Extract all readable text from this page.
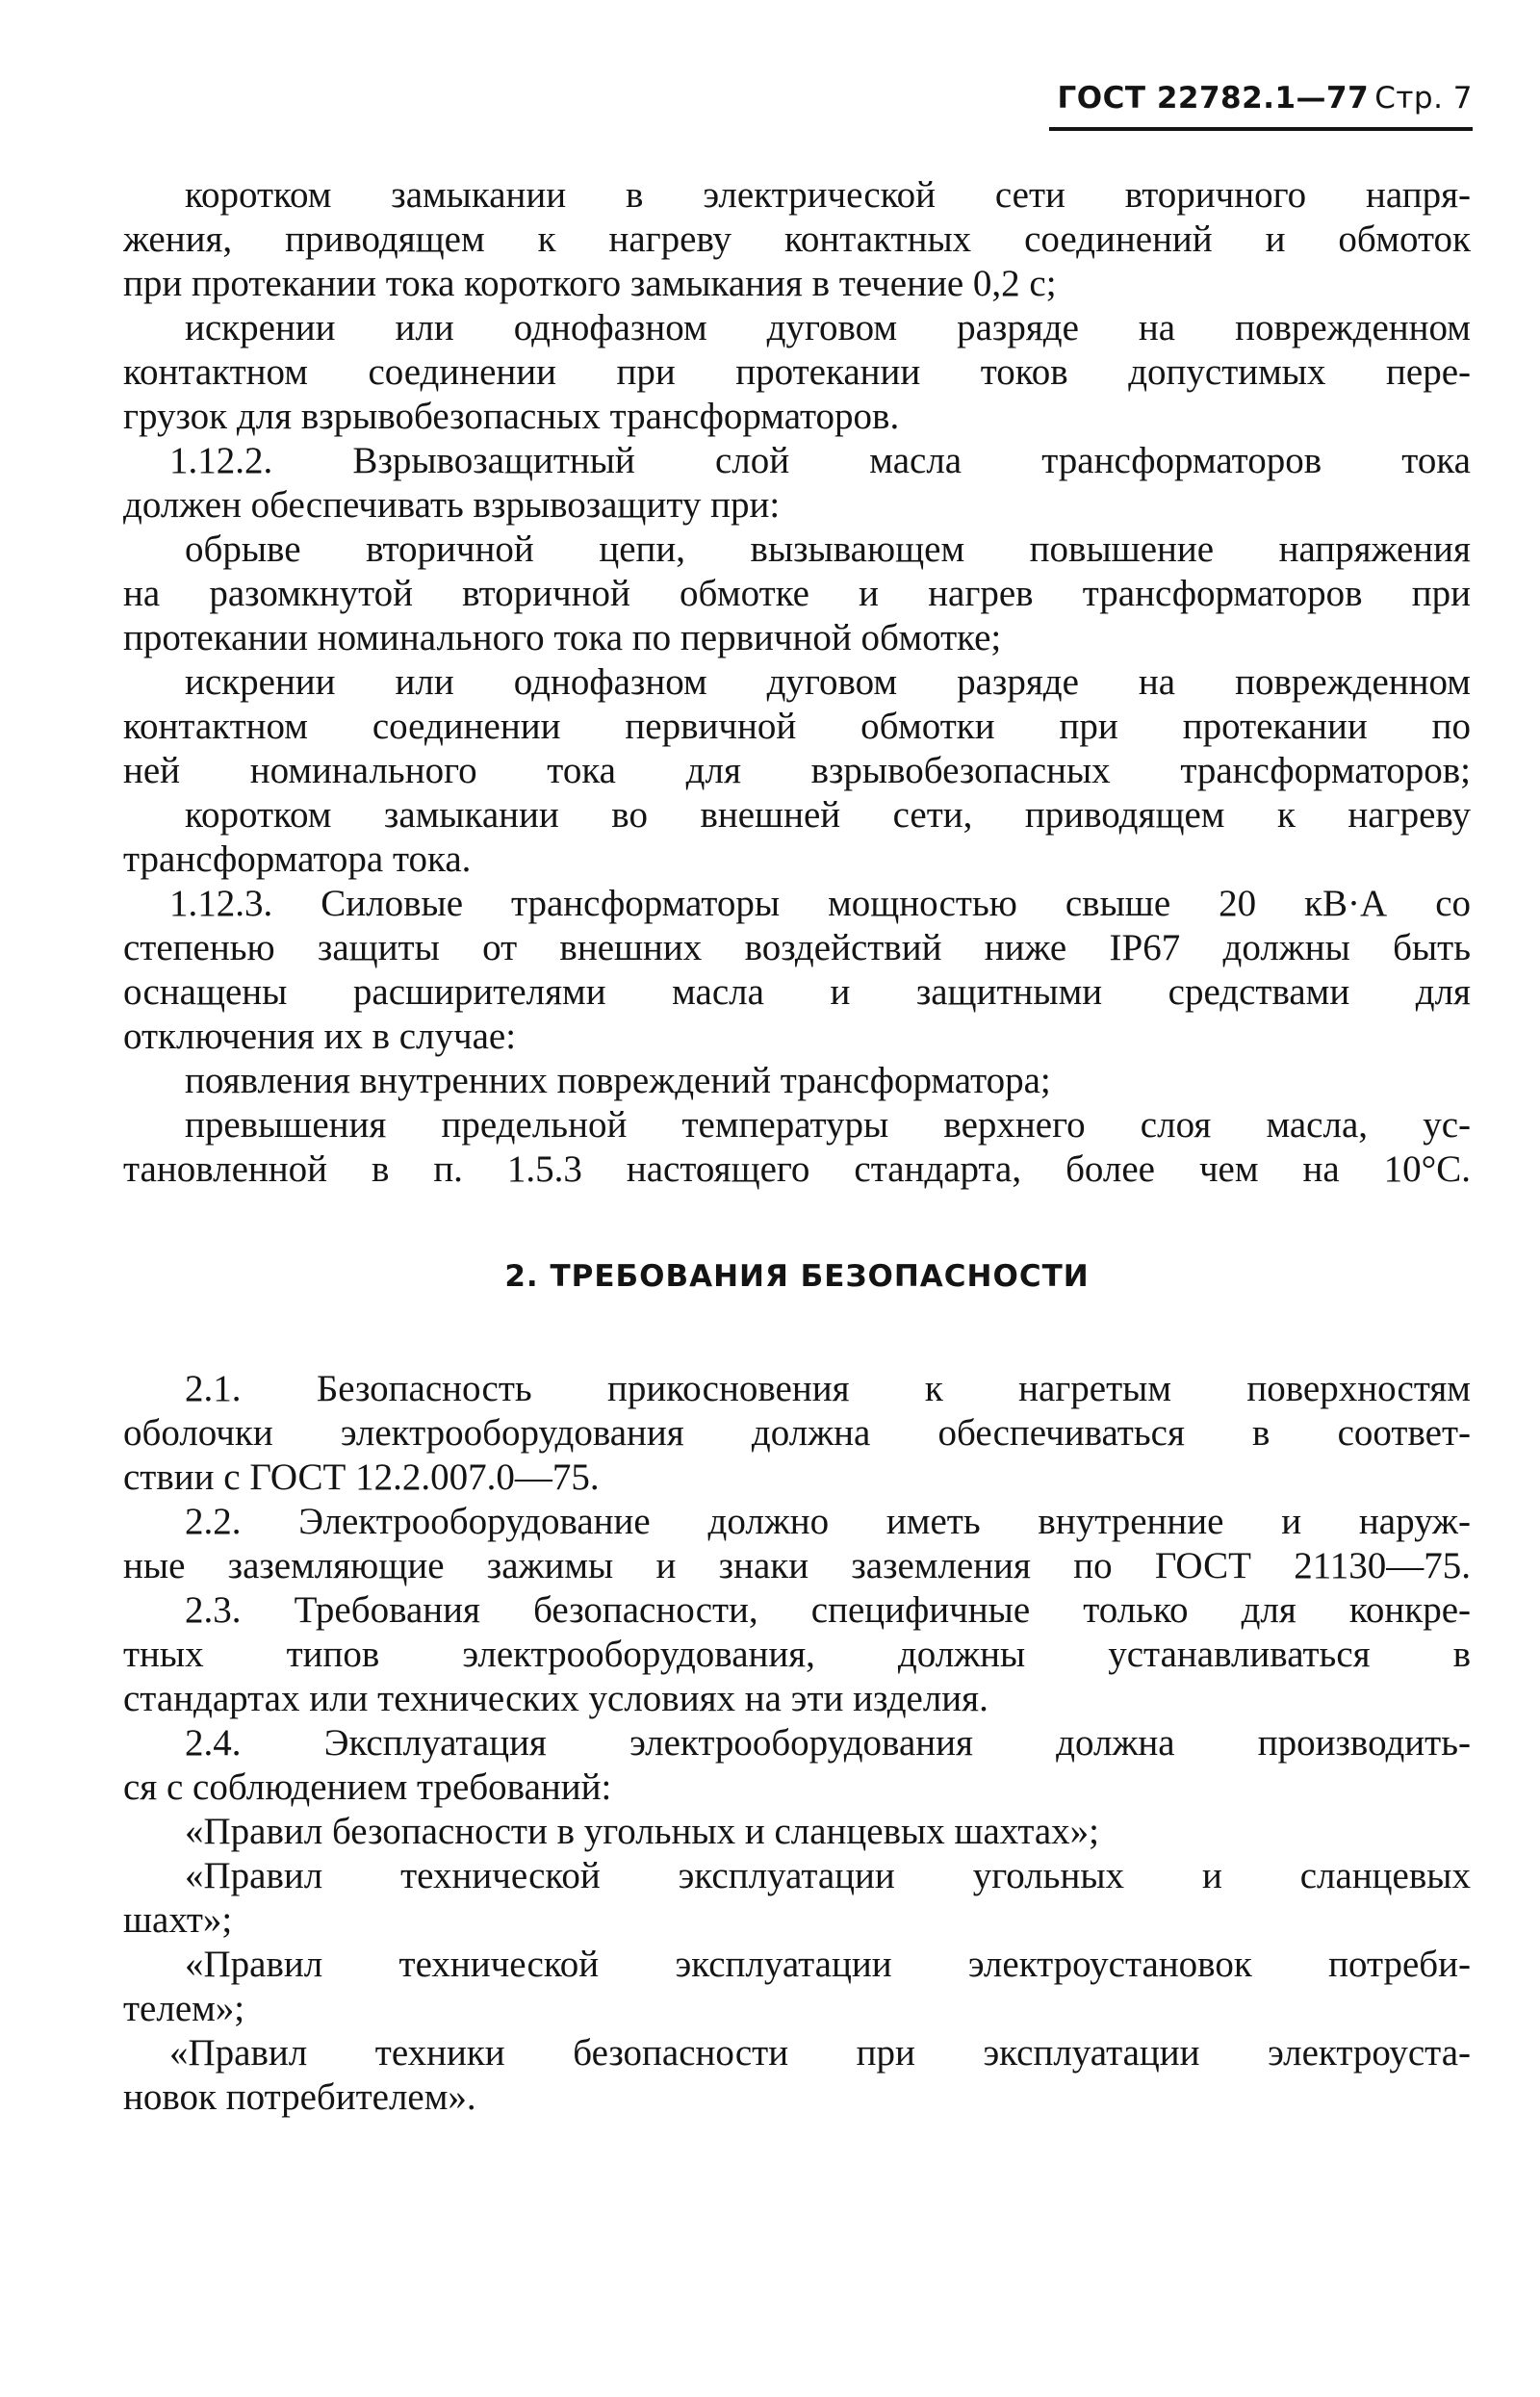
ГОСТ 22782.1—77 Стр. 7
коротком замыкании в электрической сети вторичного напря-
жения, приводящем к нагреву контактных соединений и обмоток
при протекании тока короткого замыкания в течение 0,2 с;
искрении или однофазном дуговом разряде на поврежденном
контактном соединении при протекании токов допустимых пере-
грузок для взрывобезопасных трансформаторов.
1.12.2. Взрывозащитный слой масла трансформаторов тока
должен обеспечивать взрывозащиту при:
обрыве вторичной цепи, вызывающем повышение напряжения
на разомкнутой вторичной обмотке и нагрев трансформаторов при
протекании номинального тока по первичной обмотке;
искрении или однофазном дуговом разряде на поврежденном
контактном соединении первичной обмотки при протекании по
ней номинального тока для взрывобезопасных трансформаторов;
коротком замыкании во внешней сети, приводящем к нагреву
трансформатора тока.
1.12.3. Силовые трансформаторы мощностью свыше 20 кВ·А со
степенью защиты от внешних воздействий ниже IP67 должны быть
оснащены расширителями масла и защитными средствами для
отключения их в случае:
появления внутренних повреждений трансформатора;
превышения предельной температуры верхнего слоя масла, ус-
тановленной в п. 1.5.3 настоящего стандарта, более чем на 10°С.
2. ТРЕБОВАНИЯ БЕЗОПАСНОСТИ
2.1. Безопасность прикосновения к нагретым поверхностям
оболочки электрооборудования должна обеспечиваться в соответ-
ствии с ГОСТ 12.2.007.0—75.
2.2. Электрооборудование должно иметь внутренние и наруж-
ные заземляющие зажимы и знаки заземления по ГОСТ 21130—75.
2.3. Требования безопасности, специфичные только для конкре-
тных типов электрооборудования, должны устанавливаться в
стандартах или технических условиях на эти изделия.
2.4. Эксплуатация электрооборудования должна производить-
ся с соблюдением требований:
«Правил безопасности в угольных и сланцевых шахтах»;
«Правил технической эксплуатации угольных и сланцевых
шахт»;
«Правил технической эксплуатации электроустановок потреби-
телем»;
«Правил техники безопасности при эксплуатации электроуста-
новок потребителем».
